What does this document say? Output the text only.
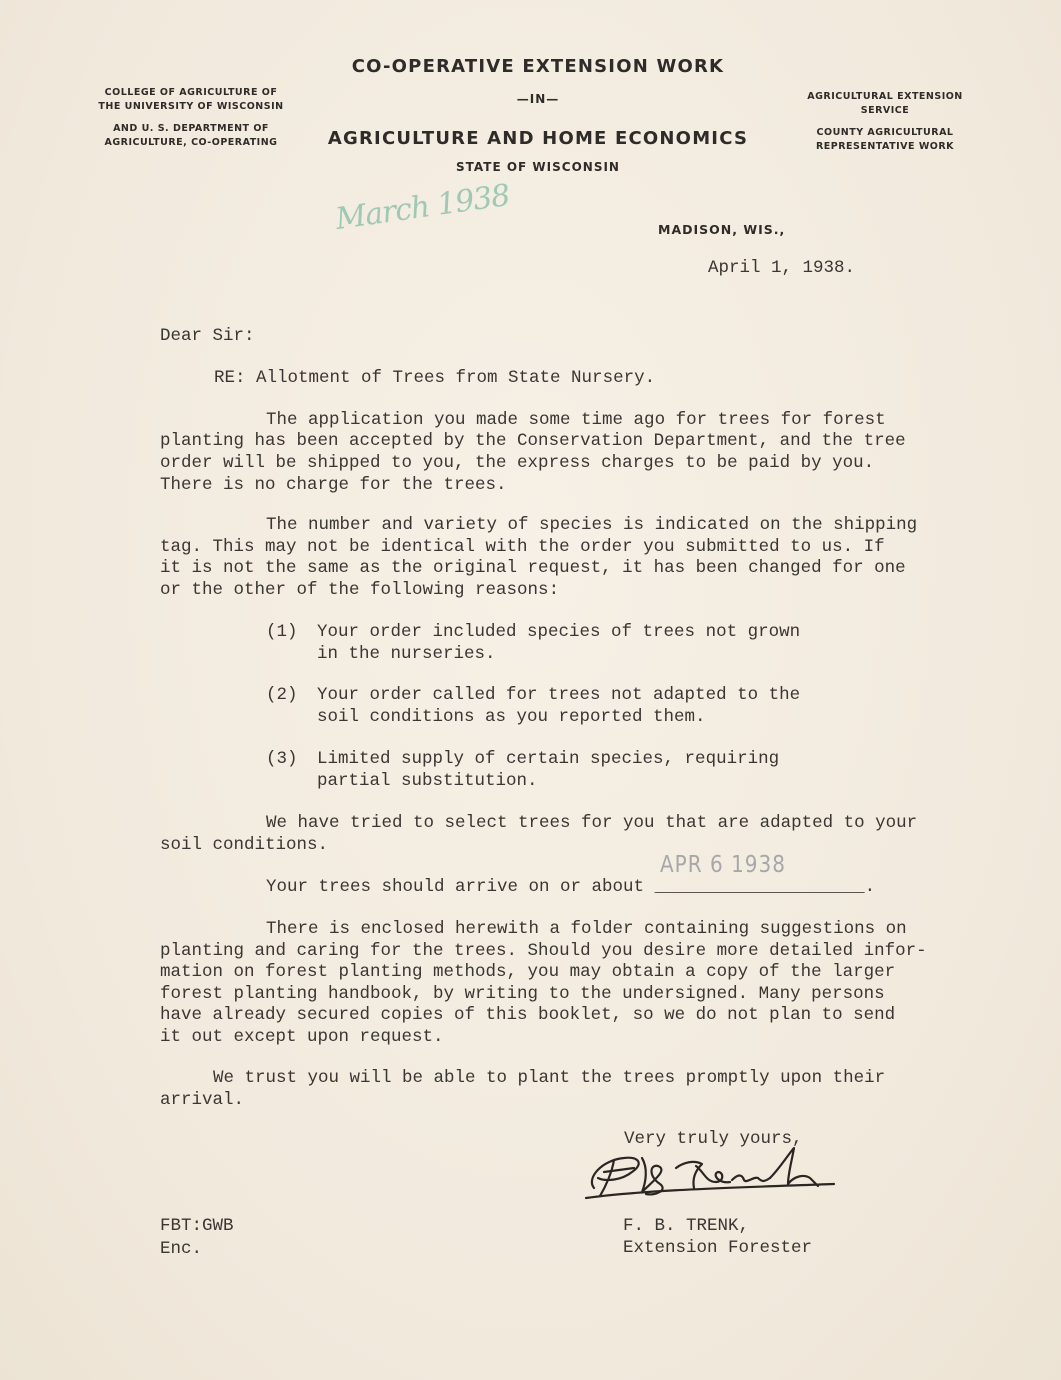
COLLEGE OF AGRICULTURE OF
THE UNIVERSITY OF WISCONSIN
AND U. S. DEPARTMENT OF
AGRICULTURE, CO-OPERATING
CO-OPERATIVE EXTENSION WORK
—IN—
AGRICULTURE AND HOME ECONOMICS
STATE OF WISCONSIN
AGRICULTURAL EXTENSION
SERVICE
COUNTY AGRICULTURAL
REPRESENTATIVE WORK
March 1938	MADISON, WIS.,
April 1, 1938.
Dear Sir:
RE: Allotment of Trees from State Nursery.
The application you made some time ago for trees for forest
planting has been accepted by the Conservation Department, and the tree
order will be shipped to you, the express charges to be paid by you.
There is no charge for the trees.
The number and variety of species is indicated on the shipping
tag. This may not be identical with the order you submitted to us. If
it is not the same as the original request, it has been changed for one
or the other of the following reasons:
(1) Your order included species of trees not grown
in the nurseries.
(2) Your order called for trees not adapted to the
soil conditions as you reported them.
(3) Limited supply of certain species, requiring
partial substitution.
We have tried to select trees for you that are adapted to your
soil conditions.
Your trees should arrive on or about ____________________.
APR 6 1938
There is enclosed herewith a folder containing suggestions on
planting and caring for the trees. Should you desire more detailed infor-
mation on forest planting methods, you may obtain a copy of the larger
forest planting handbook, by writing to the undersigned. Many persons
have already secured copies of this booklet, so we do not plan to send
it out except upon request.
We trust you will be able to plant the trees promptly upon their
arrival.
Very truly yours,
F. B. TRENK,
Extension Forester
FBT:GWB
Enc.
